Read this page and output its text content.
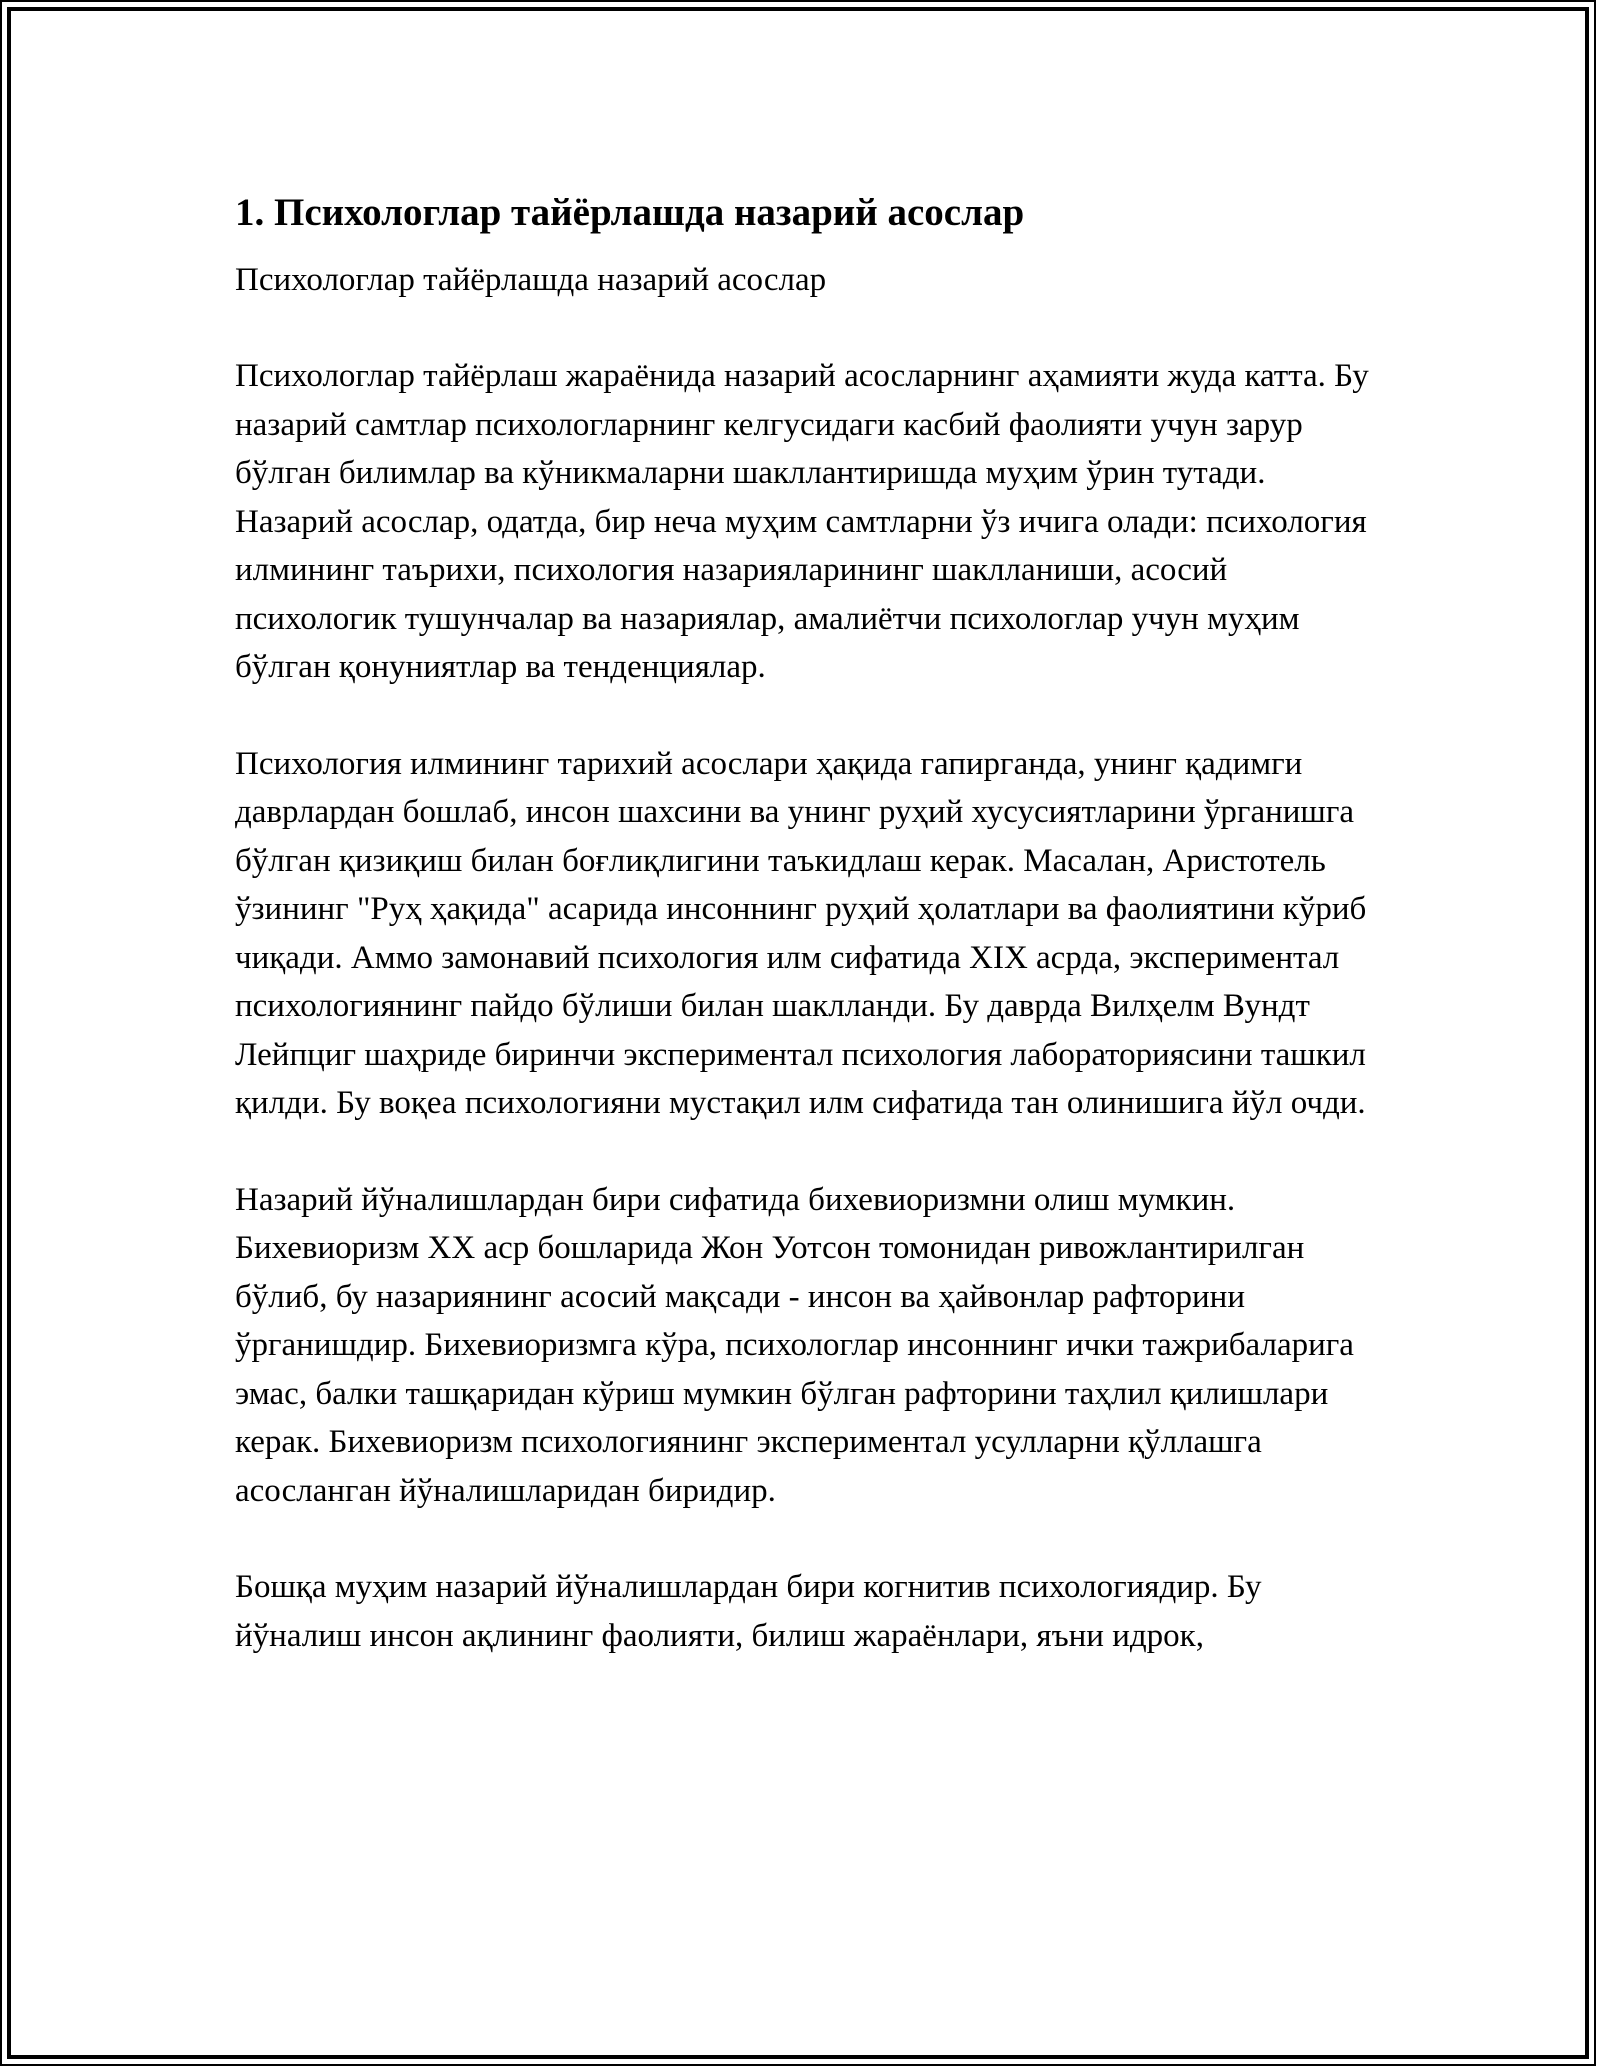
1. Психологлар тайёрлашда назарий асослар

Психологлар тайёрлашда назарий асослар

Психологлар тайёрлаш жараёнида назарий асосларнинг аҳамияти жуда катта. Бу назарий самтлар психологларнинг келгусидаги касбий фаолияти учун зарур бўлган билимлар ва кўникмаларни шакллантиришда муҳим ўрин тутади. Назарий асослар, одатда, бир неча муҳим самтларни ўз ичига олади: психология илмининг таърихи, психология назарияларининг шаклланиши, асосий психологик тушунчалар ва назариялар, амалиётчи психологлар учун муҳим бўлган қонуниятлар ва тенденциялар.

Психология илмининг тарихий асослари ҳақида гапирганда, унинг қадимги даврлардан бошлаб, инсон шахсини ва унинг руҳий хусусиятларини ўрганишга бўлган қизиқиш билан боғлиқлигини таъкидлаш керак. Масалан, Аристотель ўзининг "Руҳ ҳақида" асарида инсоннинг руҳий ҳолатлари ва фаолиятини кўриб чиқади. Аммо замонавий психология илм сифатида XIX асрда, экспериментал психологиянинг пайдо бўлиши билан шаклланди. Бу даврда Вилҳелм Вундт Лейпциг шаҳриде биринчи экспериментал психология лабораториясини ташкил қилди. Бу воқеа психологияни мустақил илм сифатида тан олинишига йўл очди.

Назарий йўналишлардан бири сифатида бихевиоризмни олиш мумкин. Бихевиоризм XX аср бошларида Жон Уотсон томонидан ривожлантирилган бўлиб, бу назариянинг асосий мақсади - инсон ва ҳайвонлар рафторини ўрганишдир. Бихевиоризмга кўра, психологлар инсоннинг ички тажрибаларига эмас, балки ташқаридан кўриш мумкин бўлган рафторини таҳлил қилишлари керак. Бихевиоризм психологиянинг экспериментал усулларни қўллашга асосланган йўналишларидан биридир.

Бошқа муҳим назарий йўналишлардан бири когнитив психологиядир. Бу йўналиш инсон ақлининг фаолияти, билиш жараёнлари, яъни идрок,
